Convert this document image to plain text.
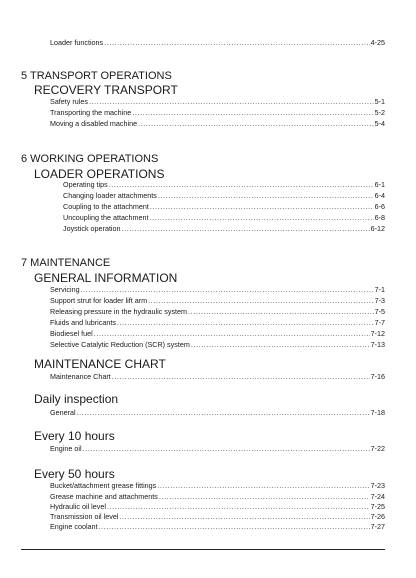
Loader functions .....	4-25
5 TRANSPORT OPERATIONS
RECOVERY TRANSPORT
Safety rules .....	5-1
Transporting the machine .....	5-2
Moving a disabled machine .....	5-4
6 WORKING OPERATIONS
LOADER OPERATIONS
Operating tips .....	6-1
Changing loader attachments .....	6-4
Coupling to the attachment .....	6-6
Uncoupling the attachment .....	6-8
Joystick operation .....	6-12
7 MAINTENANCE
GENERAL INFORMATION
Servicing .....	7-1
Support strut for loader lift arm .....	7-3
Releasing pressure in the hydraulic system .....	7-5
Fluids and lubricants .....	7-7
Biodiesel fuel .....	7-12
Selective Catalytic Reduction (SCR) system .....	7-13
MAINTENANCE CHART
Maintenance Chart .....	7-16
Daily inspection
General .....	7-18
Every 10 hours
Engine oil .....	7-22
Every 50 hours
Bucket/attachment grease fittings .....	7-23
Grease machine and attachments .....	7-24
Hydraulic oil level .....	7-25
Transmission oil level .....	7-26
Engine coolant .....	7-27
